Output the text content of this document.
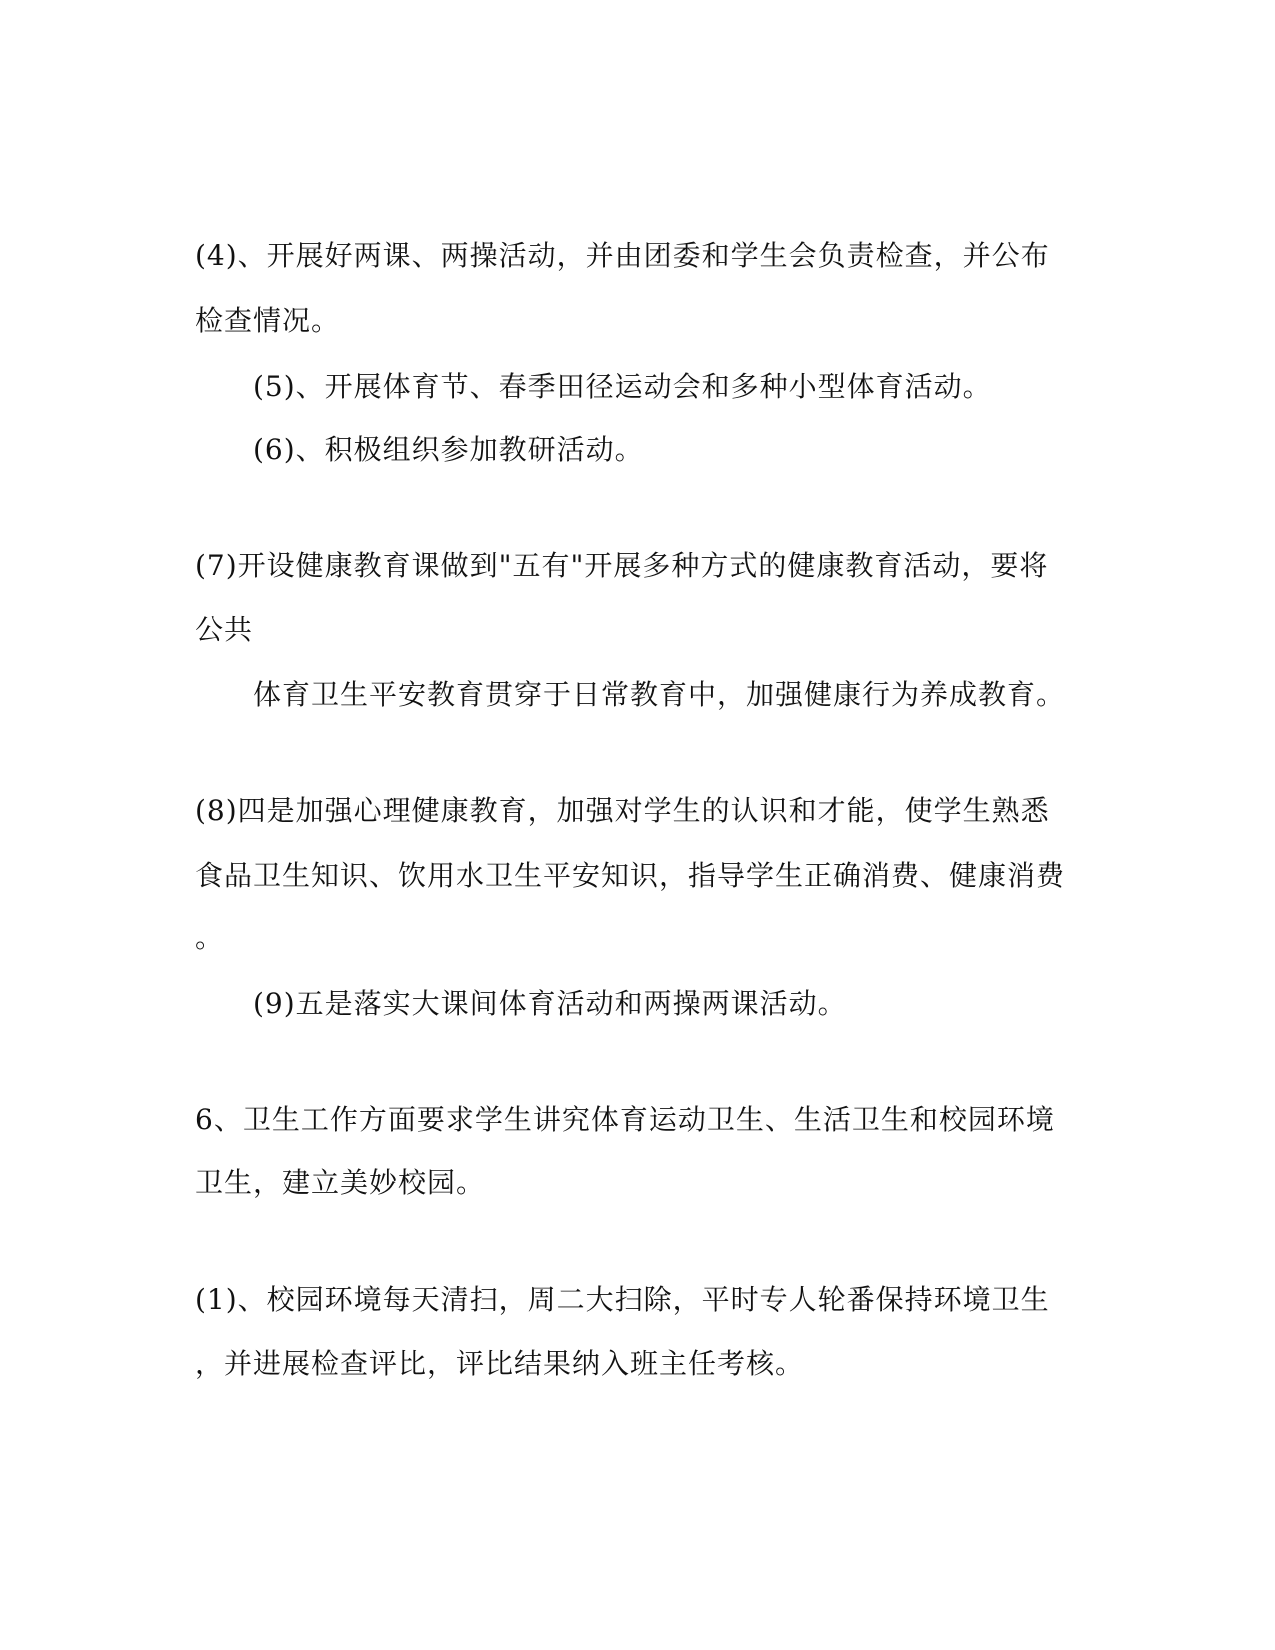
(4)、开展好两课、两操活动，并由团委和学生会负责检查，并公布
检查情况。
(5)、开展体育节、春季田径运动会和多种小型体育活动。
(6)、积极组织参加教研活动。
(7)开设健康教育课做到"五有"开展多种方式的健康教育活动，要将
公共
体育卫生平安教育贯穿于日常教育中，加强健康行为养成教育。
(8)四是加强心理健康教育，加强对学生的认识和才能，使学生熟悉
食品卫生知识、饮用水卫生平安知识，指导学生正确消费、健康消费
。
(9)五是落实大课间体育活动和两操两课活动。
6、卫生工作方面要求学生讲究体育运动卫生、生活卫生和校园环境
卫生，建立美妙校园。
(1)、校园环境每天清扫，周二大扫除，平时专人轮番保持环境卫生
，并进展检查评比，评比结果纳入班主任考核。
